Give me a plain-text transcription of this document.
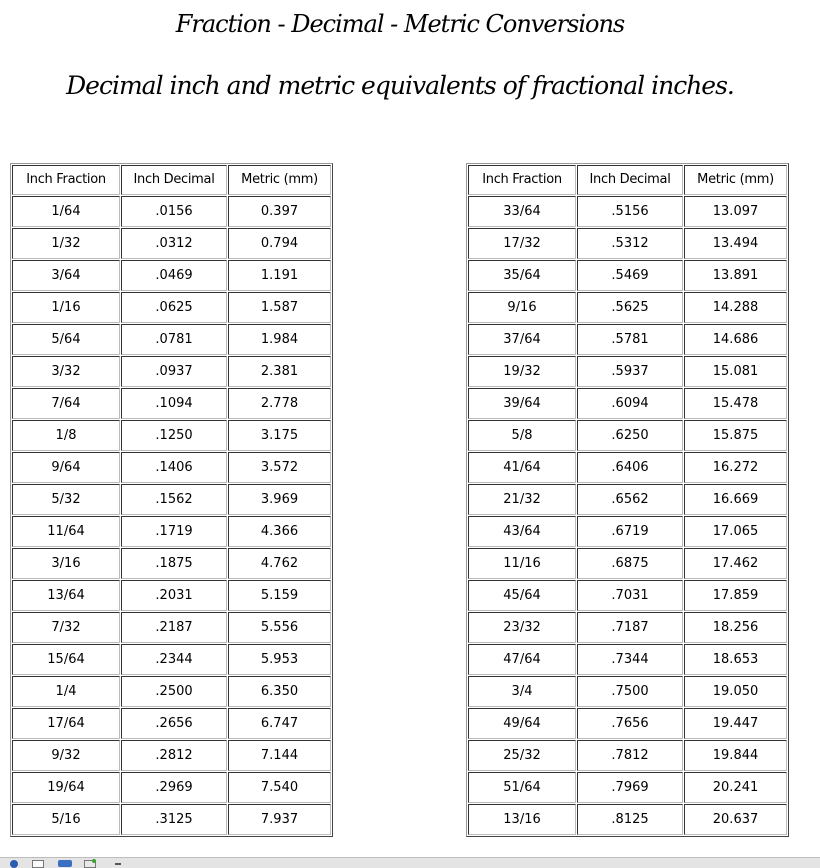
Fraction - Decimal - Metric Conversions
Decimal inch and metric equivalents of fractional inches.
Inch Fraction	Inch Decimal	Metric (mm)
1/64	.0156	0.397
1/32	.0312	0.794
3/64	.0469	1.191
1/16	.0625	1.587
5/64	.0781	1.984
3/32	.0937	2.381
7/64	.1094	2.778
1/8	.1250	3.175
9/64	.1406	3.572
5/32	.1562	3.969
11/64	.1719	4.366
3/16	.1875	4.762
13/64	.2031	5.159
7/32	.2187	5.556
15/64	.2344	5.953
1/4	.2500	6.350
17/64	.2656	6.747
9/32	.2812	7.144
19/64	.2969	7.540
5/16	.3125	7.937
Inch Fraction	Inch Decimal	Metric (mm)
33/64	.5156	13.097
17/32	.5312	13.494
35/64	.5469	13.891
9/16	.5625	14.288
37/64	.5781	14.686
19/32	.5937	15.081
39/64	.6094	15.478
5/8	.6250	15.875
41/64	.6406	16.272
21/32	.6562	16.669
43/64	.6719	17.065
11/16	.6875	17.462
45/64	.7031	17.859
23/32	.7187	18.256
47/64	.7344	18.653
3/4	.7500	19.050
49/64	.7656	19.447
25/32	.7812	19.844
51/64	.7969	20.241
13/16	.8125	20.637
